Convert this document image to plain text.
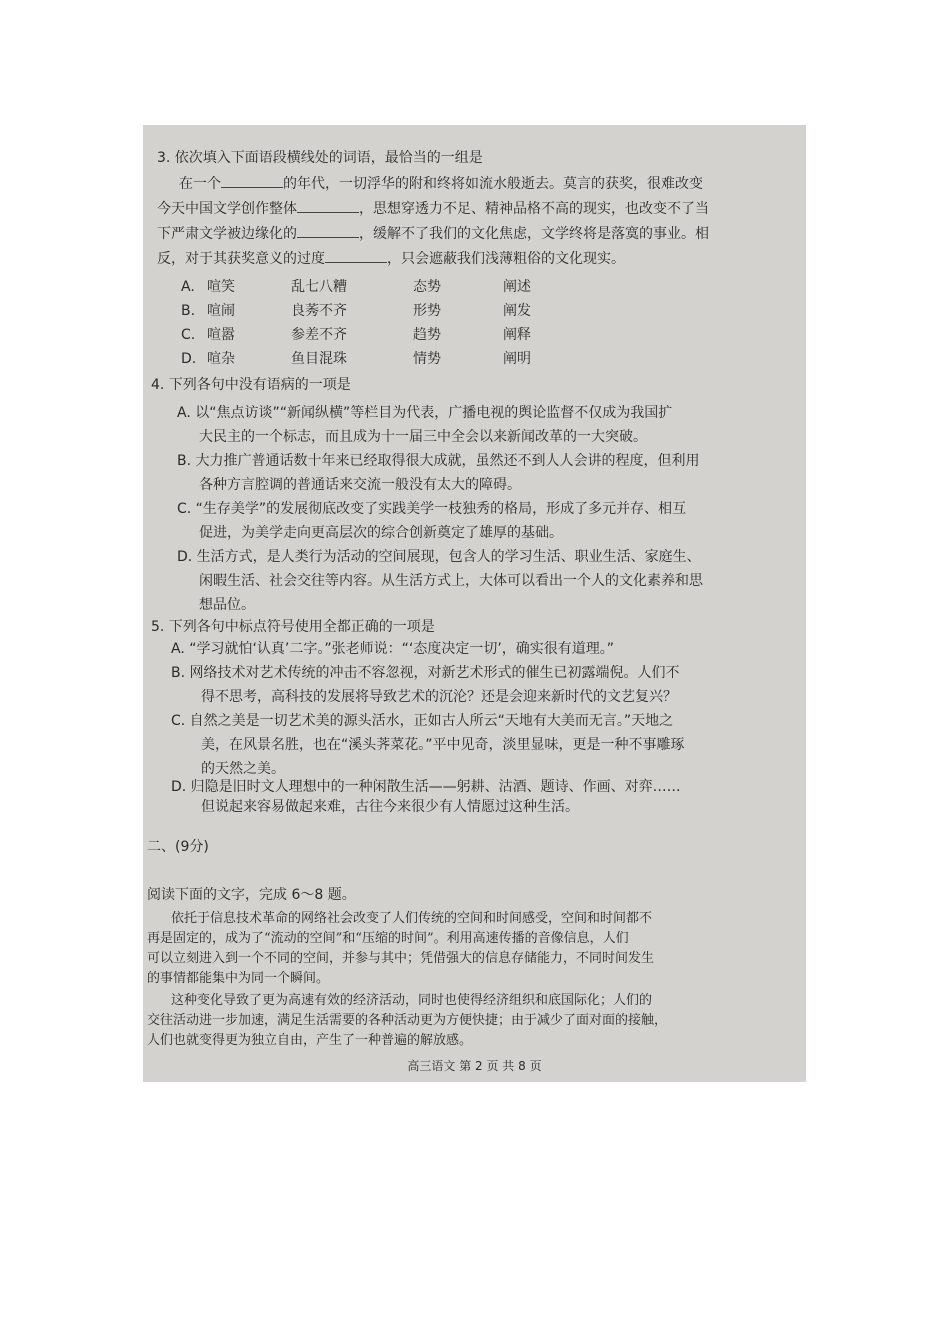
3. 依次填入下面语段横线处的词语，最恰当的一组是
在一个	的年代，一切浮华的附和终将如流水般逝去。莫言的获奖，很难改变
今天中国文学创作整体	，思想穿透力不足、精神品格不高的现实，也改变不了当
下严肃文学被边缘化的	，缓解不了我们的文化焦虑，文学终将是落寞的事业。相
反，对于其获奖意义的过度	，只会遮蔽我们浅薄粗俗的文化现实。
A. 喧笑	乱七八糟	态势	阐述
B. 喧闹	良莠不齐	形势	阐发
C. 喧嚣	参差不齐	趋势	阐释
D. 喧杂	鱼目混珠	情势	阐明
4. 下列各句中没有语病的一项是
A. 以“焦点访谈”“新闻纵横”等栏目为代表，广播电视的舆论监督不仅成为我国扩
大民主的一个标志，而且成为十一届三中全会以来新闻改革的一大突破。
B. 大力推广普通话数十年来已经取得很大成就，虽然还不到人人会讲的程度，但利用
各种方言腔调的普通话来交流一般没有太大的障碍。
C. “生存美学”的发展彻底改变了实践美学一枝独秀的格局，形成了多元并存、相互
促进，为美学走向更高层次的综合创新奠定了雄厚的基础。
D. 生活方式，是人类行为活动的空间展现，包含人的学习生活、职业生活、家庭生、
闲暇生活、社会交往等内容。从生活方式上，大体可以看出一个人的文化素养和思
想品位。
5. 下列各句中标点符号使用全都正确的一项是
A. “学习就怕‘认真’二字。”张老师说：“‘态度决定一切’，确实很有道理。”
B. 网络技术对艺术传统的冲击不容忽视，对新艺术形式的催生已初露端倪。人们不
得不思考，高科技的发展将导致艺术的沉沦？还是会迎来新时代的文艺复兴？
C. 自然之美是一切艺术美的源头活水，正如古人所云“天地有大美而无言。”天地之
美，在风景名胜，也在“溪头荠菜花。”平中见奇，淡里显味，更是一种不事雕琢
的天然之美。
D. 归隐是旧时文人理想中的一种闲散生活——躬耕、沽酒、题诗、作画、对弈……
但说起来容易做起来难，古往今来很少有人情愿过这种生活。
二、(9分)
阅读下面的文字，完成 6～8 题。
依托于信息技术革命的网络社会改变了人们传统的空间和时间感受，空间和时间都不
再是固定的，成为了“流动的空间”和“压缩的时间”。利用高速传播的音像信息，人们
可以立刻进入到一个不同的空间，并参与其中；凭借强大的信息存储能力，不同时间发生
的事情都能集中为同一个瞬间。
这种变化导致了更为高速有效的经济活动，同时也使得经济组织和底国际化；人们的
交往活动进一步加速，满足生活需要的各种活动更为方便快捷；由于减少了面对面的接触，
人们也就变得更为独立自由，产生了一种普遍的解放感。
高三语文 第 2 页 共 8 页
